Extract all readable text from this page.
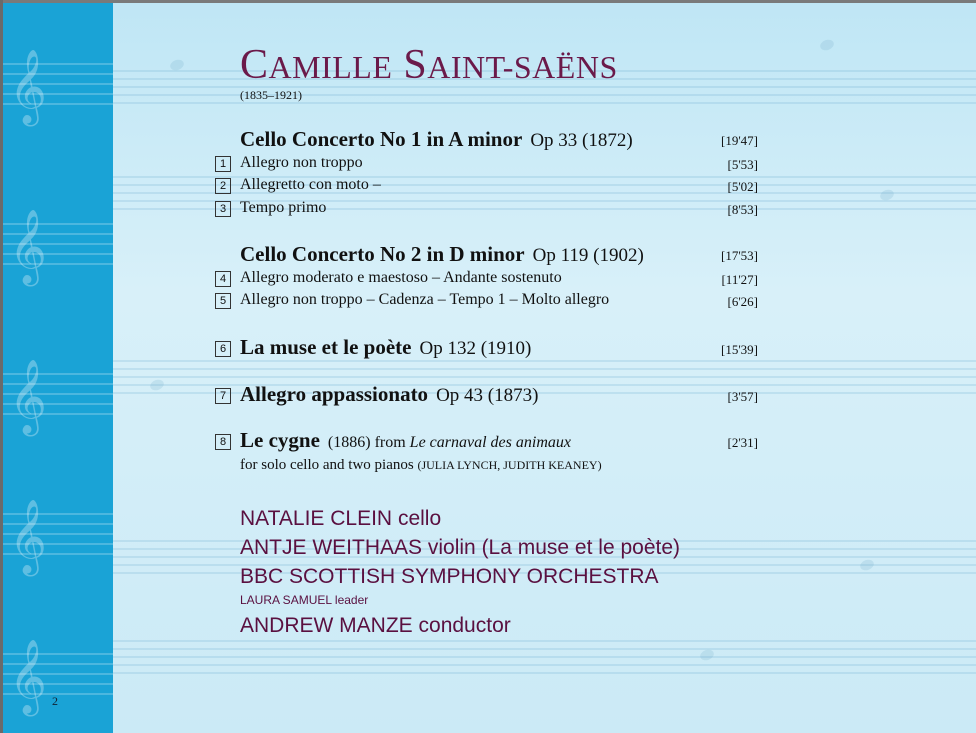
𝄞
𝄞
𝄞
𝄞
𝄞 2
CAMILLE SAINT-SAËNS
(1835–1921)
Cello Concerto No 1 in A minor Op 33 (1872)	[19'47]
1 Allegro non troppo	[5'53]
2 Allegretto con moto –	[5'02]
3 Tempo primo	[8'53]
Cello Concerto No 2 in D minor Op 119 (1902)	[17'53]
4 Allegro moderato e maestoso – Andante sostenuto	[11'27]
5 Allegro non troppo – Cadenza – Tempo 1 – Molto allegro	[6'26]
6 La muse et le poète Op 132 (1910)	[15'39]
7 Allegro appassionato Op 43 (1873)	[3'57]
8 Le cygne (1886) from Le carnaval des animaux	[2'31]
for solo cello and two pianos (JULIA LYNCH, JUDITH KEANEY)
NATALIE CLEIN cello
ANTJE WEITHAAS violin (La muse et le poète)
BBC SCOTTISH SYMPHONY ORCHESTRA
LAURA SAMUEL leader
ANDREW MANZE conductor
